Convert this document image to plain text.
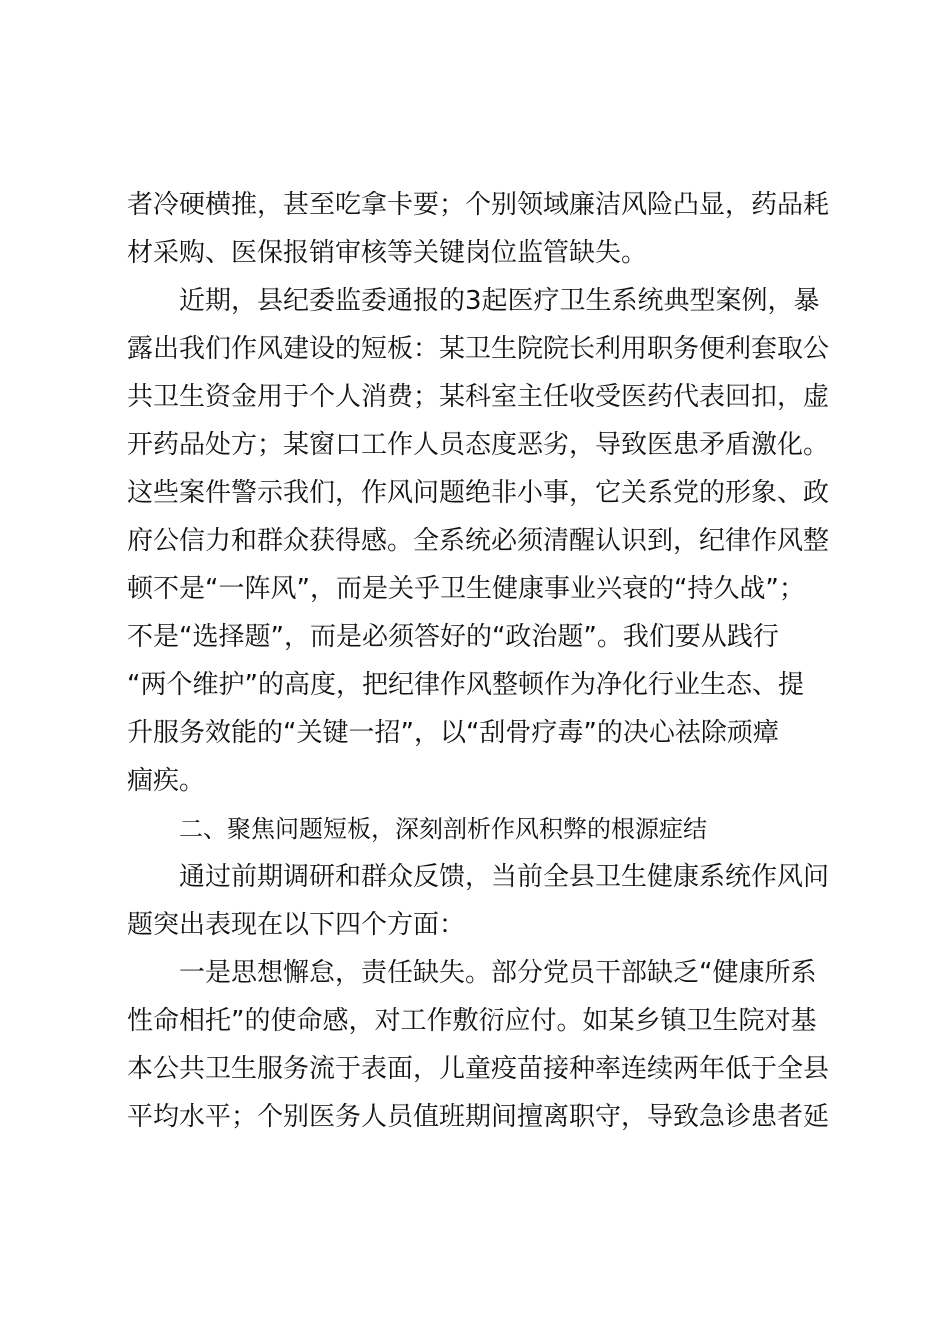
者冷硬横推，甚至吃拿卡要；个别领域廉洁风险凸显，药品耗
材采购、医保报销审核等关键岗位监管缺失。
近期，县纪委监委通报的3起医疗卫生系统典型案例，暴
露出我们作风建设的短板：某卫生院院长利用职务便利套取公
共卫生资金用于个人消费；某科室主任收受医药代表回扣，虚
开药品处方；某窗口工作人员态度恶劣，导致医患矛盾激化。
这些案件警示我们，作风问题绝非小事，它关系党的形象、政
府公信力和群众获得感。全系统必须清醒认识到，纪律作风整
顿不是“一阵风”，而是关乎卫生健康事业兴衰的“持久战”；
不是“选择题”，而是必须答好的“政治题”。我们要从践行
“两个维护”的高度，把纪律作风整顿作为净化行业生态、提
升服务效能的“关键一招”，以“刮骨疗毒”的决心祛除顽瘴
痼疾。
二、聚焦问题短板，深刻剖析作风积弊的根源症结
通过前期调研和群众反馈，当前全县卫生健康系统作风问
题突出表现在以下四个方面：
一是思想懈怠，责任缺失。部分党员干部缺乏“健康所系
性命相托”的使命感，对工作敷衍应付。如某乡镇卫生院对基
本公共卫生服务流于表面，儿童疫苗接种率连续两年低于全县
平均水平；个别医务人员值班期间擅离职守，导致急诊患者延
